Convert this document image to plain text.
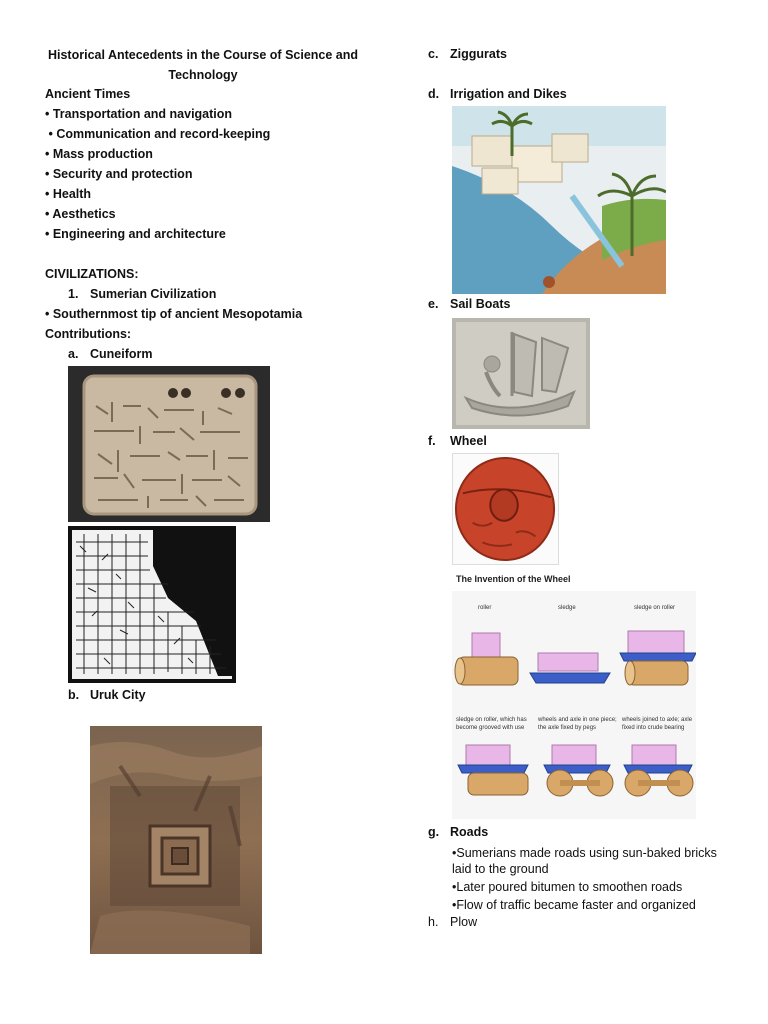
Historical Antecedents in the Course of Science and
Technology
Ancient Times
• Transportation and navigation
• Communication and record-keeping
• Mass production
• Security and protection
• Health
• Aesthetics
• Engineering and architecture
CIVILIZATIONS:
1. Sumerian Civilization
• Southernmost tip of ancient Mesopotamia
Contributions:
a. Cuneiform
b. Uruk City
c. Ziggurats
d. Irrigation and Dikes
e. Sail Boats
f. Wheel
The Invention of the Wheel
roller	sledge	sledge on roller
sledge on roller, which has
become grooved with use
wheels and axle in one piece;
the axle fixed by pegs
wheels joined to axle; axle
fixed into crude bearing
g. Roads
•Sumerians made roads using sun-baked bricks
laid to the ground
•Later poured bitumen to smoothen roads
•Flow of traffic became faster and organized
h. Plow
